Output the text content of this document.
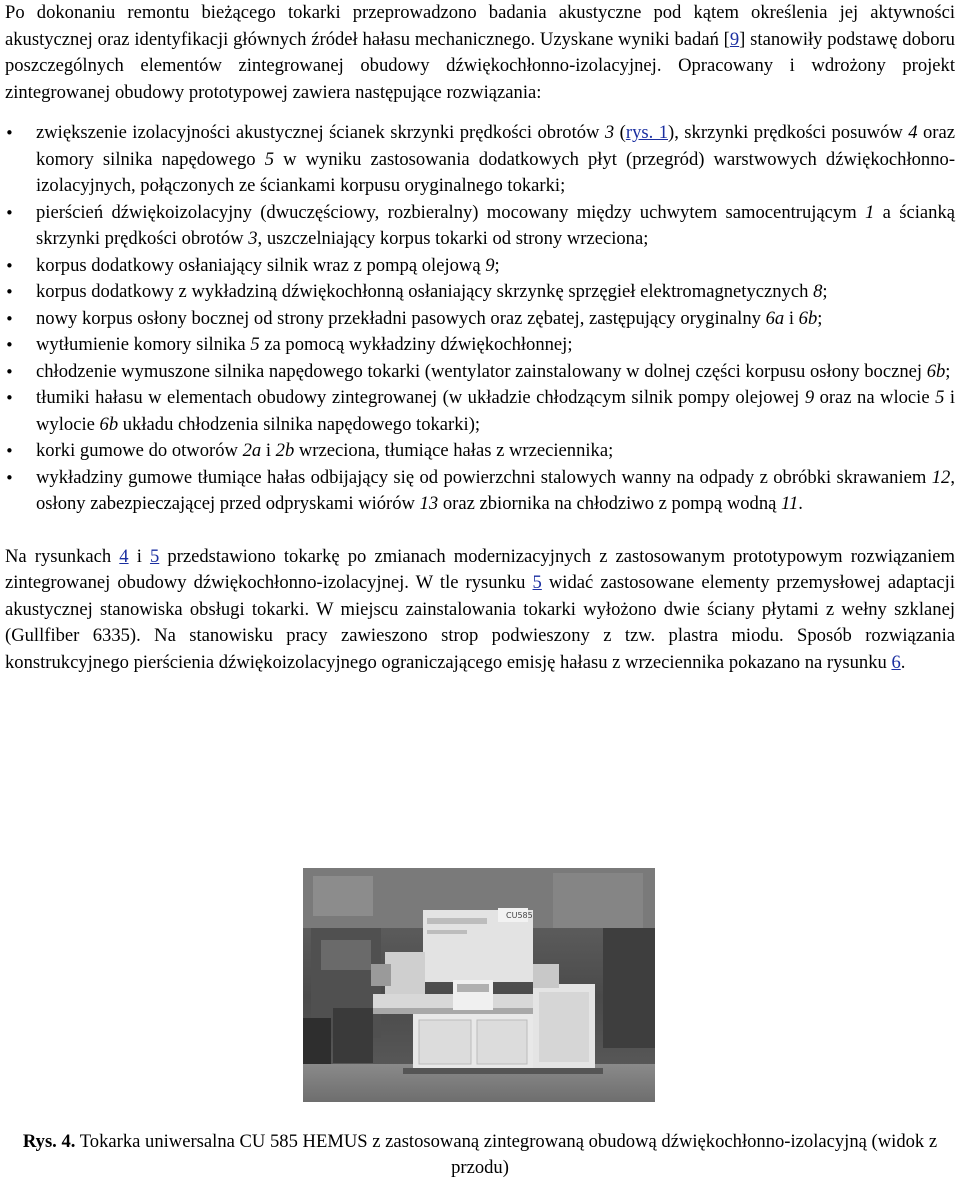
Po dokonaniu remontu bieżącego tokarki przeprowadzono badania akustyczne pod kątem określenia jej aktywności akustycznej oraz identyfikacji głównych źródeł hałasu mechanicznego. Uzyskane wyniki badań [9] stanowiły podstawę doboru poszczególnych elementów zintegrowanej obudowy dźwiękochłonno-izolacyjnej. Opracowany i wdrożony projekt zintegrowanej obudowy prototypowej zawiera następujące rozwiązania:

• zwiększenie izolacyjności akustycznej ścianek skrzynki prędkości obrotów 3 (rys. 1), skrzynki prędkości posuwów 4 oraz komory silnika napędowego 5 w wyniku zastosowania dodatkowych płyt (przegród) warstwowych dźwiękochłonno-izolacyjnych, połączonych ze ściankami korpusu oryginalnego tokarki;
• pierścień dźwiękoizolacyjny (dwuczęściowy, rozbieralny) mocowany między uchwytem samocentrującym 1 a ścianką skrzynki prędkości obrotów 3, uszczelniający korpus tokarki od strony wrzeciona;
• korpus dodatkowy osłaniający silnik wraz z pompą olejową 9;
• korpus dodatkowy z wykładziną dźwiękochłonną osłaniający skrzynkę sprzęgieł elektromagnetycznych 8;
• nowy korpus osłony bocznej od strony przekładni pasowych oraz zębatej, zastępujący oryginalny 6a i 6b;
• wytłumienie komory silnika 5 za pomocą wykładziny dźwiękochłonnej;
• chłodzenie wymuszone silnika napędowego tokarki (wentylator zainstalowany w dolnej części korpusu osłony bocznej 6b;
• tłumiki hałasu w elementach obudowy zintegrowanej (w układzie chłodzącym silnik pompy olejowej 9 oraz na wlocie 5 i wylocie 6b układu chłodzenia silnika napędowego tokarki);
• korki gumowe do otworów 2a i 2b wrzeciona, tłumiące hałas z wrzeciennika;
• wykładziny gumowe tłumiące hałas odbijający się od powierzchni stalowych wanny na odpady z obróbki skrawaniem 12, osłony zabezpieczającej przed odpryskami wiórów 13 oraz zbiornika na chłodziwo z pompą wodną 11.

Na rysunkach 4 i 5 przedstawiono tokarkę po zmianach modernizacyjnych z zastosowanym prototypowym rozwiązaniem zintegrowanej obudowy dźwiękochłonno-izolacyjnej. W tle rysunku 5 widać zastosowane elementy przemysłowej adaptacji akustycznej stanowiska obsługi tokarki. W miejscu zainstalowania tokarki wyłożono dwie ściany płytami z wełny szklanej (Gullfiber 6335). Na stanowisku pracy zawieszono strop podwieszony z tzw. plastra miodu. Sposób rozwiązania konstrukcyjnego pierścienia dźwiękoizolacyjnego ograniczającego emisję hałasu z wrzeciennika pokazano na rysunku 6.

CU585
Rys. 4. Tokarka uniwersalna CU 585 HEMUS z zastosowaną zintegrowaną obudową dźwiękochłonno-izolacyjną (widok z przodu)
